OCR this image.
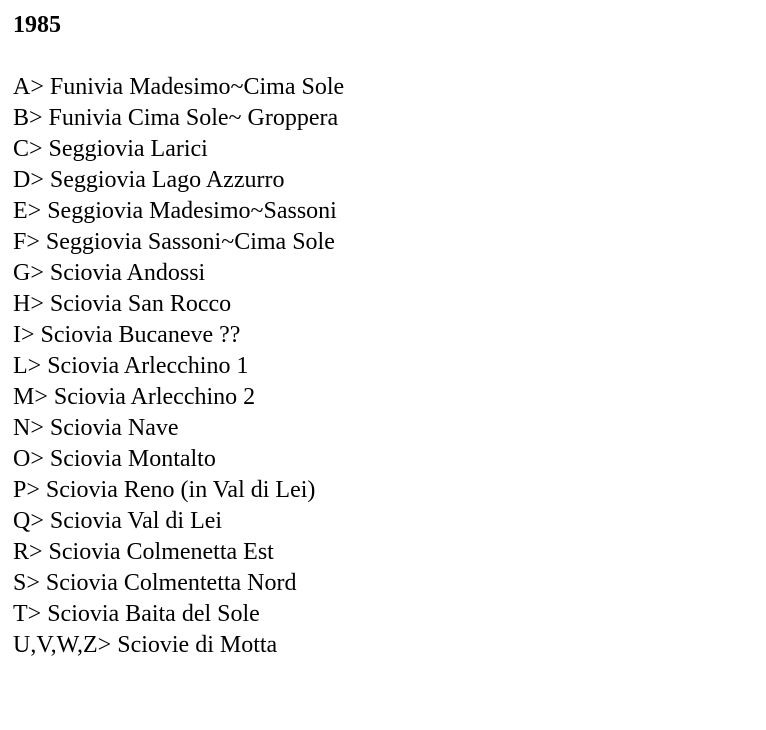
1985
A> Funivia Madesimo~Cima Sole
B> Funivia Cima Sole~ Groppera
C> Seggiovia Larici
D> Seggiovia Lago Azzurro
E> Seggiovia Madesimo~Sassoni
F> Seggiovia Sassoni~Cima Sole
G> Sciovia Andossi
H> Sciovia San Rocco
I> Sciovia Bucaneve ??
L> Sciovia Arlecchino 1
M> Sciovia Arlecchino 2
N> Sciovia Nave
O> Sciovia Montalto
P> Sciovia Reno (in Val di Lei)
Q> Sciovia Val di Lei
R> Sciovia Colmenetta Est
S> Sciovia Colmentetta Nord
T> Sciovia Baita del Sole
U,V,W,Z> Sciovie di Motta
